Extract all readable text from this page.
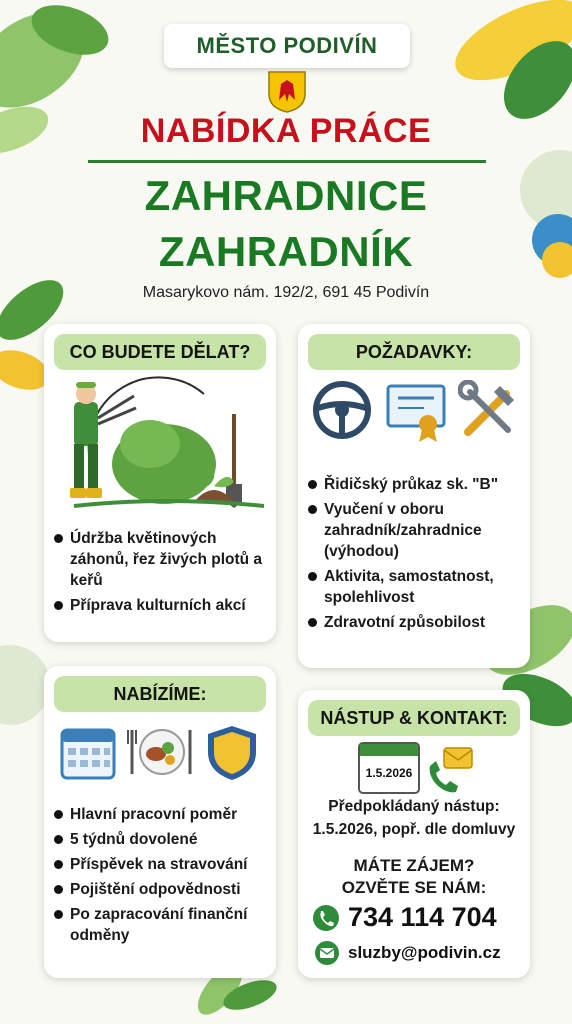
MĚSTO PODIVÍN
NABÍDKA PRÁCE
ZAHRADNICE
ZAHRADNÍK
Masarykovo nám. 192/2, 691 45 Podivín
CO BUDETE DĚLAT?
Údržba květinových záhonů, řez živých plotů a keřů
Příprava kulturních akcí
POŽADAVKY:
Řidičský průkaz sk. "B"
Vyučení v oboru zahradník/zahradnice (výhodou)
Aktivita, samostatnost, spolehlivost
Zdravotní způsobilost
NABÍZÍME:
Hlavní pracovní poměr
5 týdnů dovolené
Příspěvek na stravování
Pojištění odpovědnosti
Po zapracování finanční odměny
NÁSTUP & KONTAKT:
1.5.2026
Předpokládaný nástup:
1.5.2026, popř. dle domluvy
MÁTE ZÁJEM?
OZVĚTE SE NÁM:
734 114 704
sluzby@podivin.cz
